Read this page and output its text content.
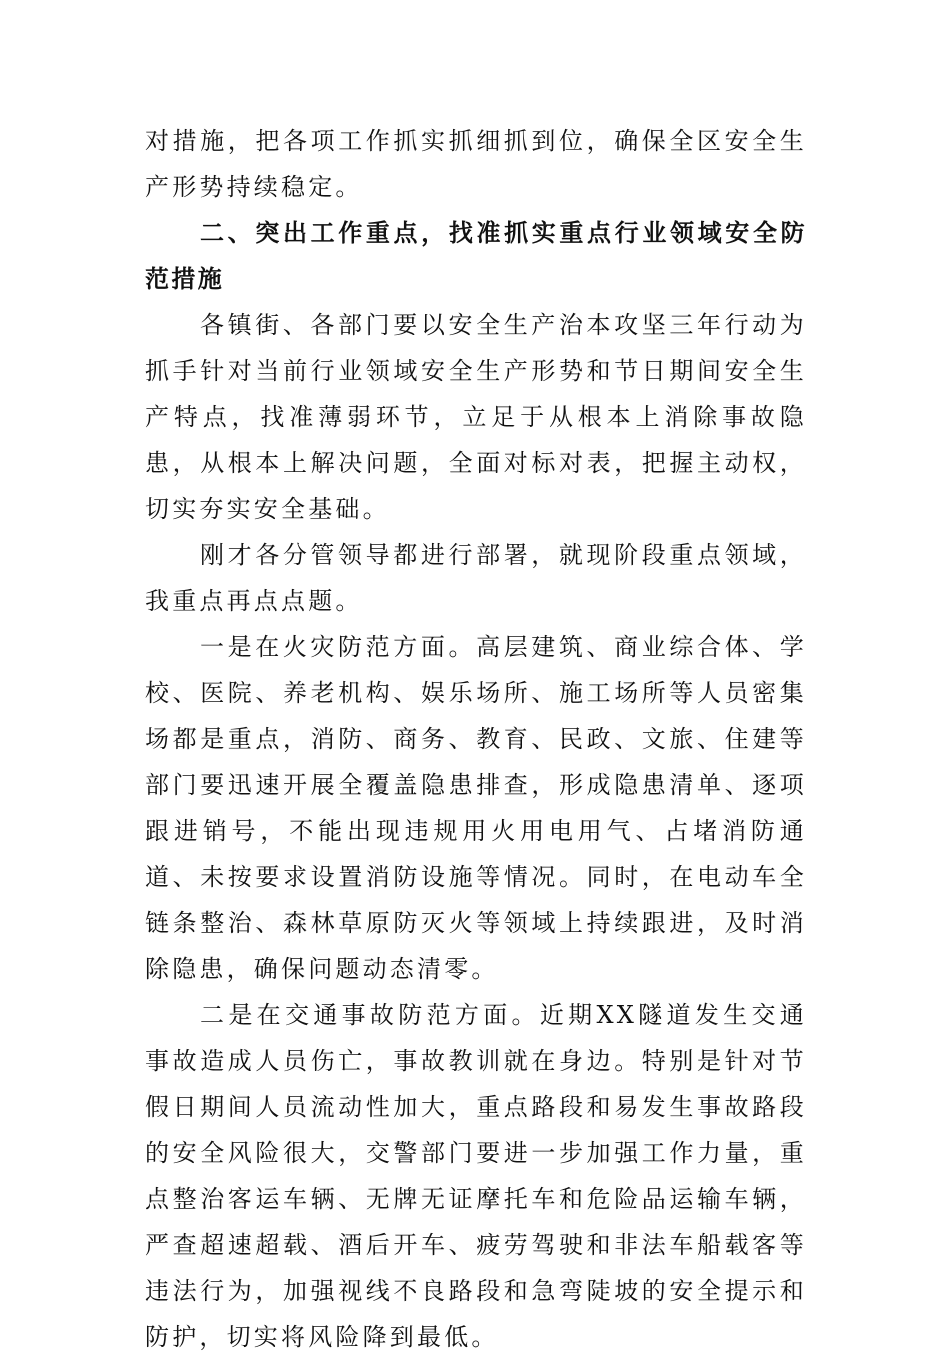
对措施，把各项工作抓实抓细抓到位，确保全区安全生产形势持续稳定。

二、突出工作重点，找准抓实重点行业领域安全防范措施

各镇街、各部门要以安全生产治本攻坚三年行动为抓手针对当前行业领域安全生产形势和节日期间安全生产特点，找准薄弱环节，立足于从根本上消除事故隐患，从根本上解决问题，全面对标对表，把握主动权，切实夯实安全基础。

刚才各分管领导都进行部署，就现阶段重点领域，我重点再点点题。

一是在火灾防范方面。高层建筑、商业综合体、学校、医院、养老机构、娱乐场所、施工场所等人员密集场都是重点，消防、商务、教育、民政、文旅、住建等部门要迅速开展全覆盖隐患排查，形成隐患清单、逐项跟进销号，不能出现违规用火用电用气、占堵消防通道、未按要求设置消防设施等情况。同时，在电动车全链条整治、森林草原防灭火等领域上持续跟进，及时消除隐患，确保问题动态清零。

二是在交通事故防范方面。近期XX隧道发生交通事故造成人员伤亡，事故教训就在身边。特别是针对节假日期间人员流动性加大，重点路段和易发生事故路段的安全风险很大，交警部门要进一步加强工作力量，重点整治客运车辆、无牌无证摩托车和危险品运输车辆，严查超速超载、酒后开车、疲劳驾驶和非法车船载客等违法行为，加强视线不良路段和急弯陡坡的安全提示和防护，切实将风险降到最低。
